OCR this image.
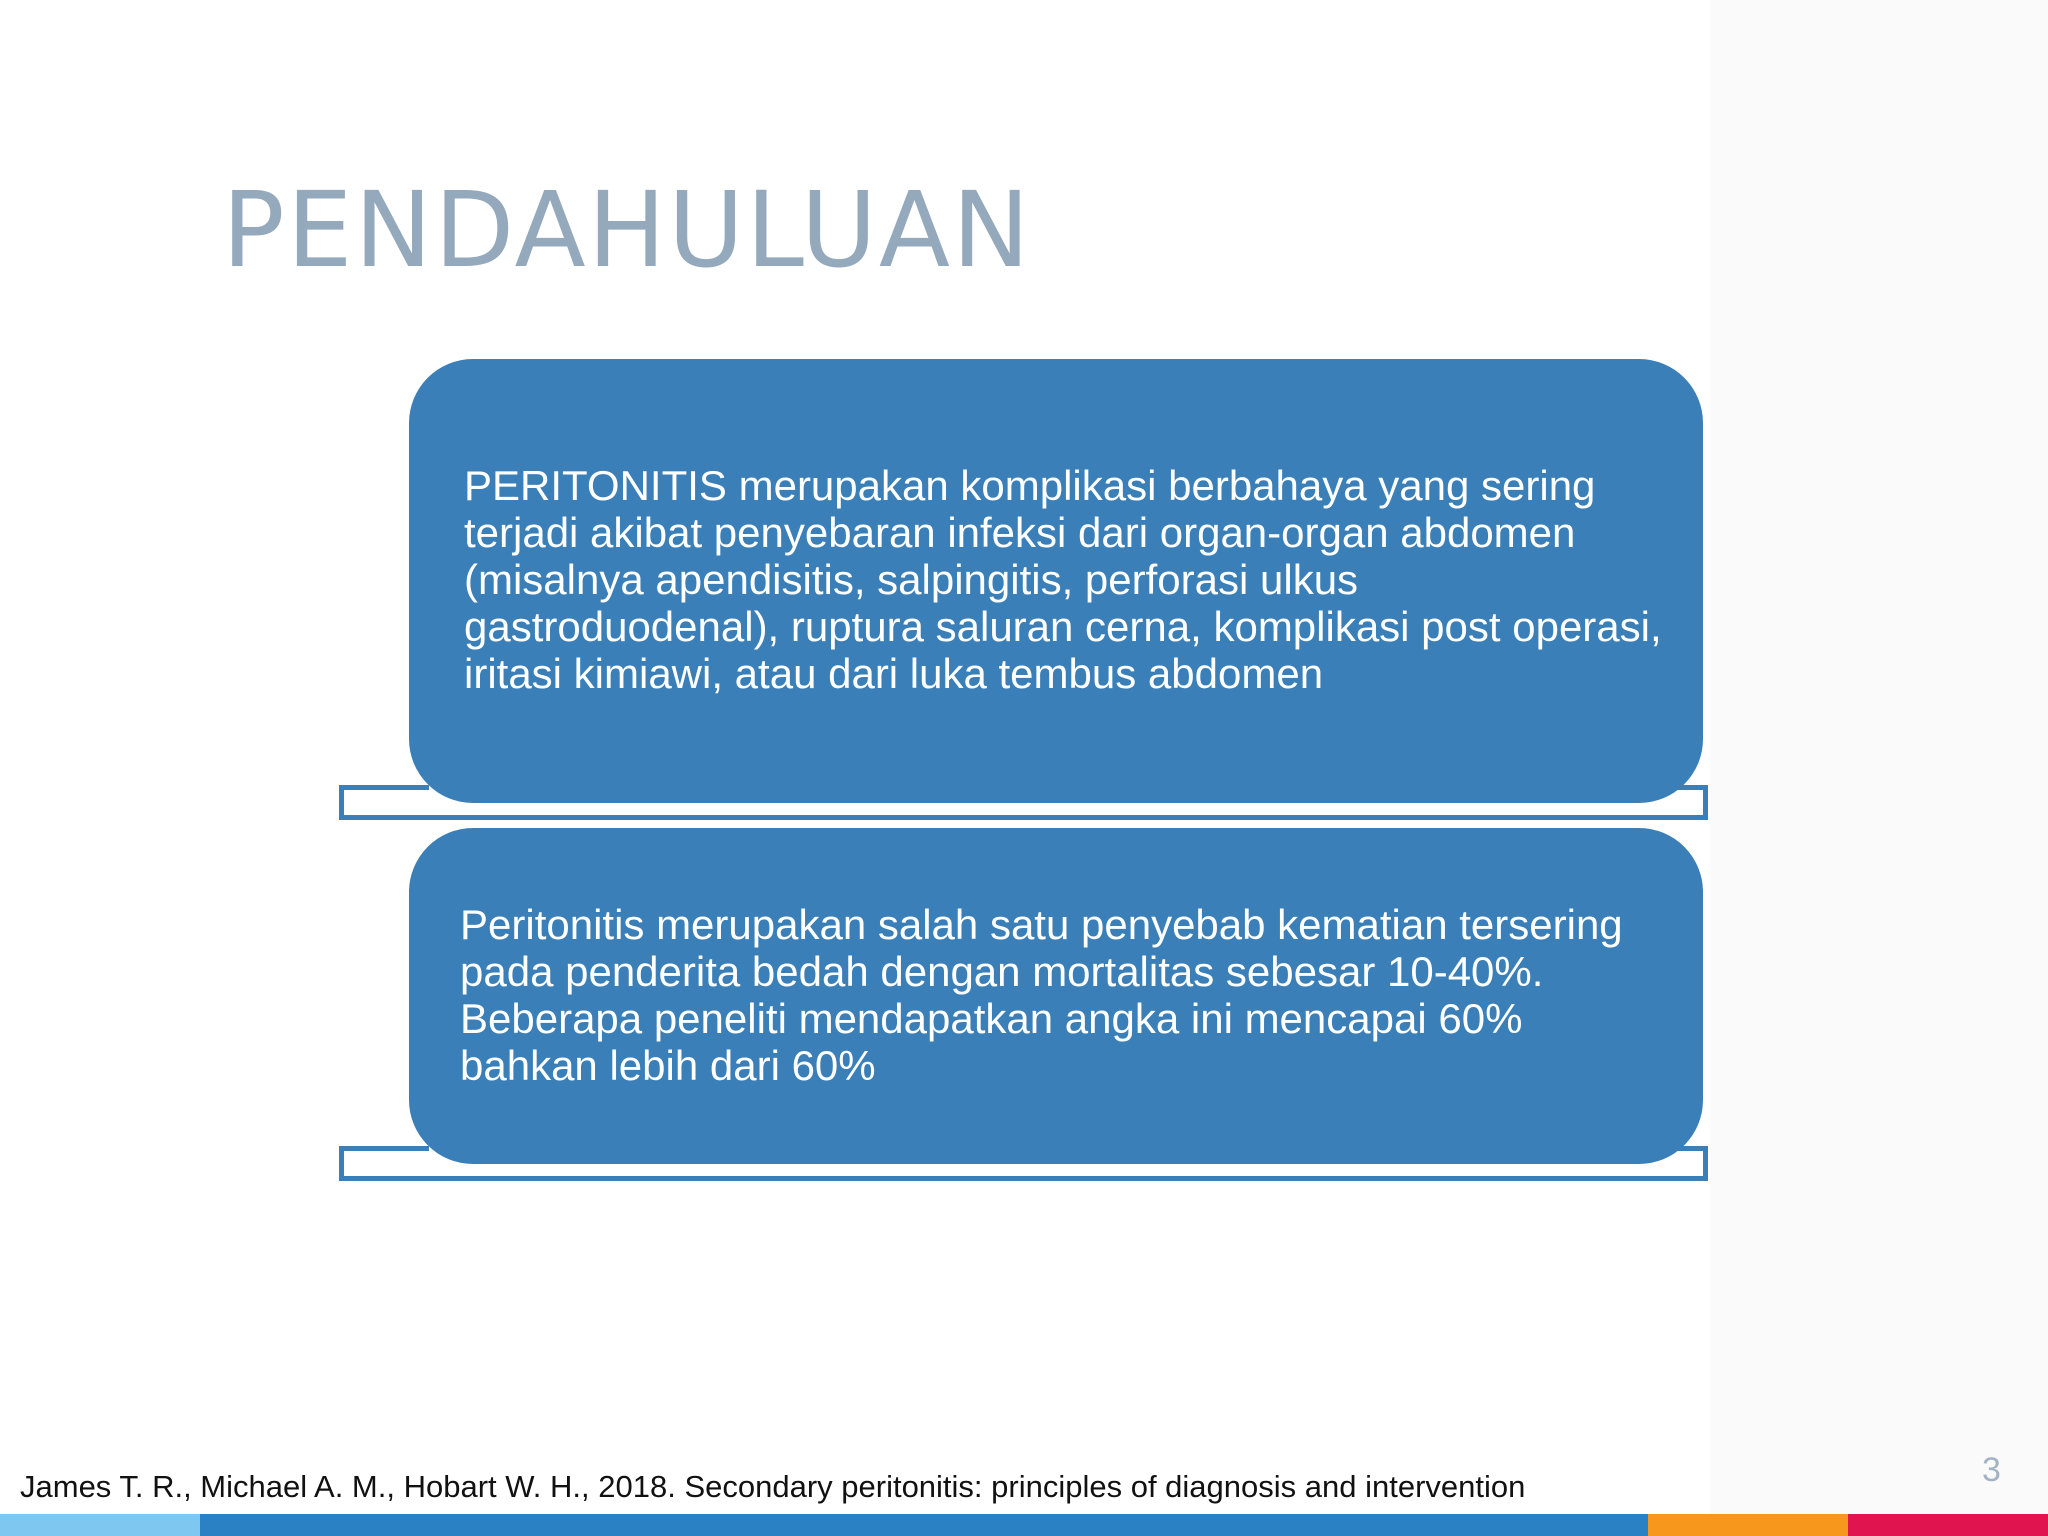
PENDAHULUAN

PERITONITIS merupakan komplikasi berbahaya yang sering terjadi akibat penyebaran infeksi dari organ-organ abdomen (misalnya apendisitis, salpingitis, perforasi ulkus gastroduodenal), ruptura saluran cerna, komplikasi post operasi, iritasi kimiawi, atau dari luka tembus abdomen

Peritonitis merupakan salah satu penyebab kematian tersering pada penderita bedah dengan mortalitas sebesar 10-40%. Beberapa peneliti mendapatkan angka ini mencapai 60% bahkan lebih dari 60%

James T. R., Michael A. M., Hobart W. H., 2018. Secondary peritonitis: principles of diagnosis and intervention	3
